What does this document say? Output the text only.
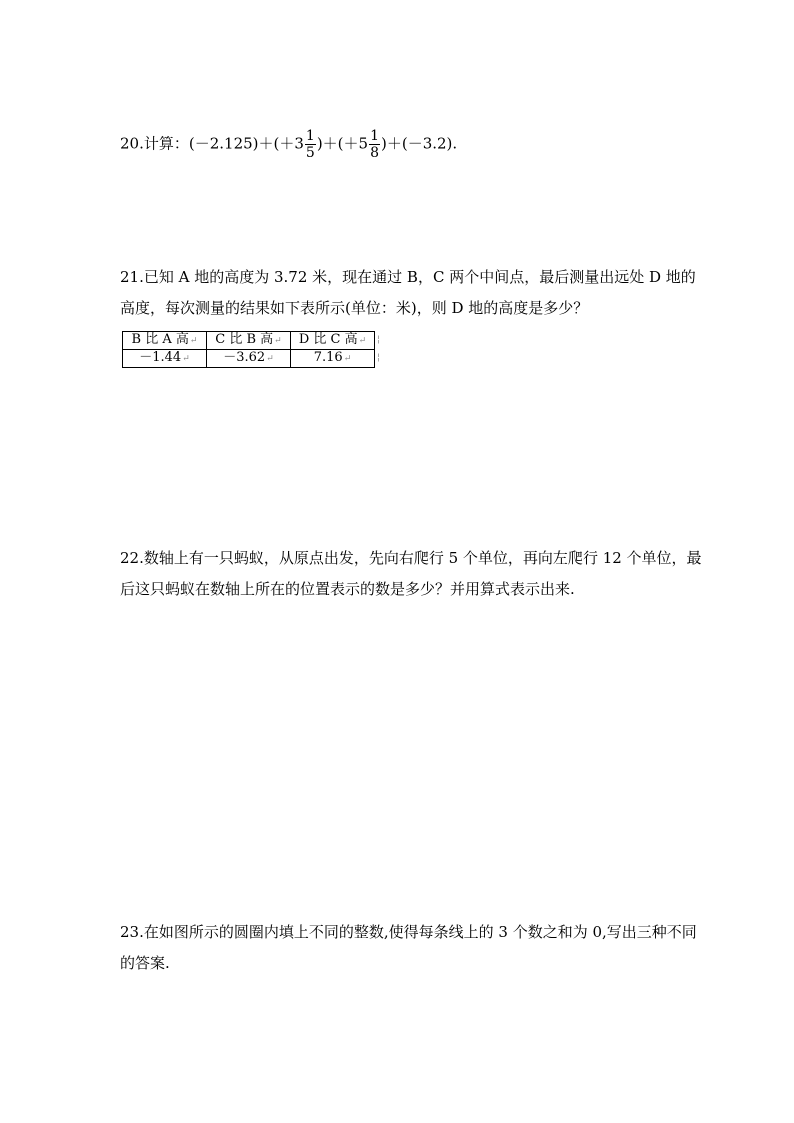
20.计算：$(-2.125)+(+3 \frac{1}{5} )+(+5 \frac{1}{8} )+(-3.2)$.

21.已知 A 地的高度为 3.72 米，现在通过 B，C 两个中间点，最后测量出远处 D 地的高度，每次测量的结果如下表所示(单位：米)，则 D 地的高度是多少？

B 比 A 高↵	C 比 B 高↵	D 比 C 高↵ ¦

－1.44↵	－3.62↵	7.16↵ ¦

22.数轴上有一只蚂蚁，从原点出发，先向右爬行 5 个单位，再向左爬行 12 个单位，最后这只蚂蚁在数轴上所在的位置表示的数是多少？并用算式表示出来.

23.在如图所示的圆圈内填上不同的整数,使得每条线上的 3 个数之和为 0,写出三种不同的答案.
